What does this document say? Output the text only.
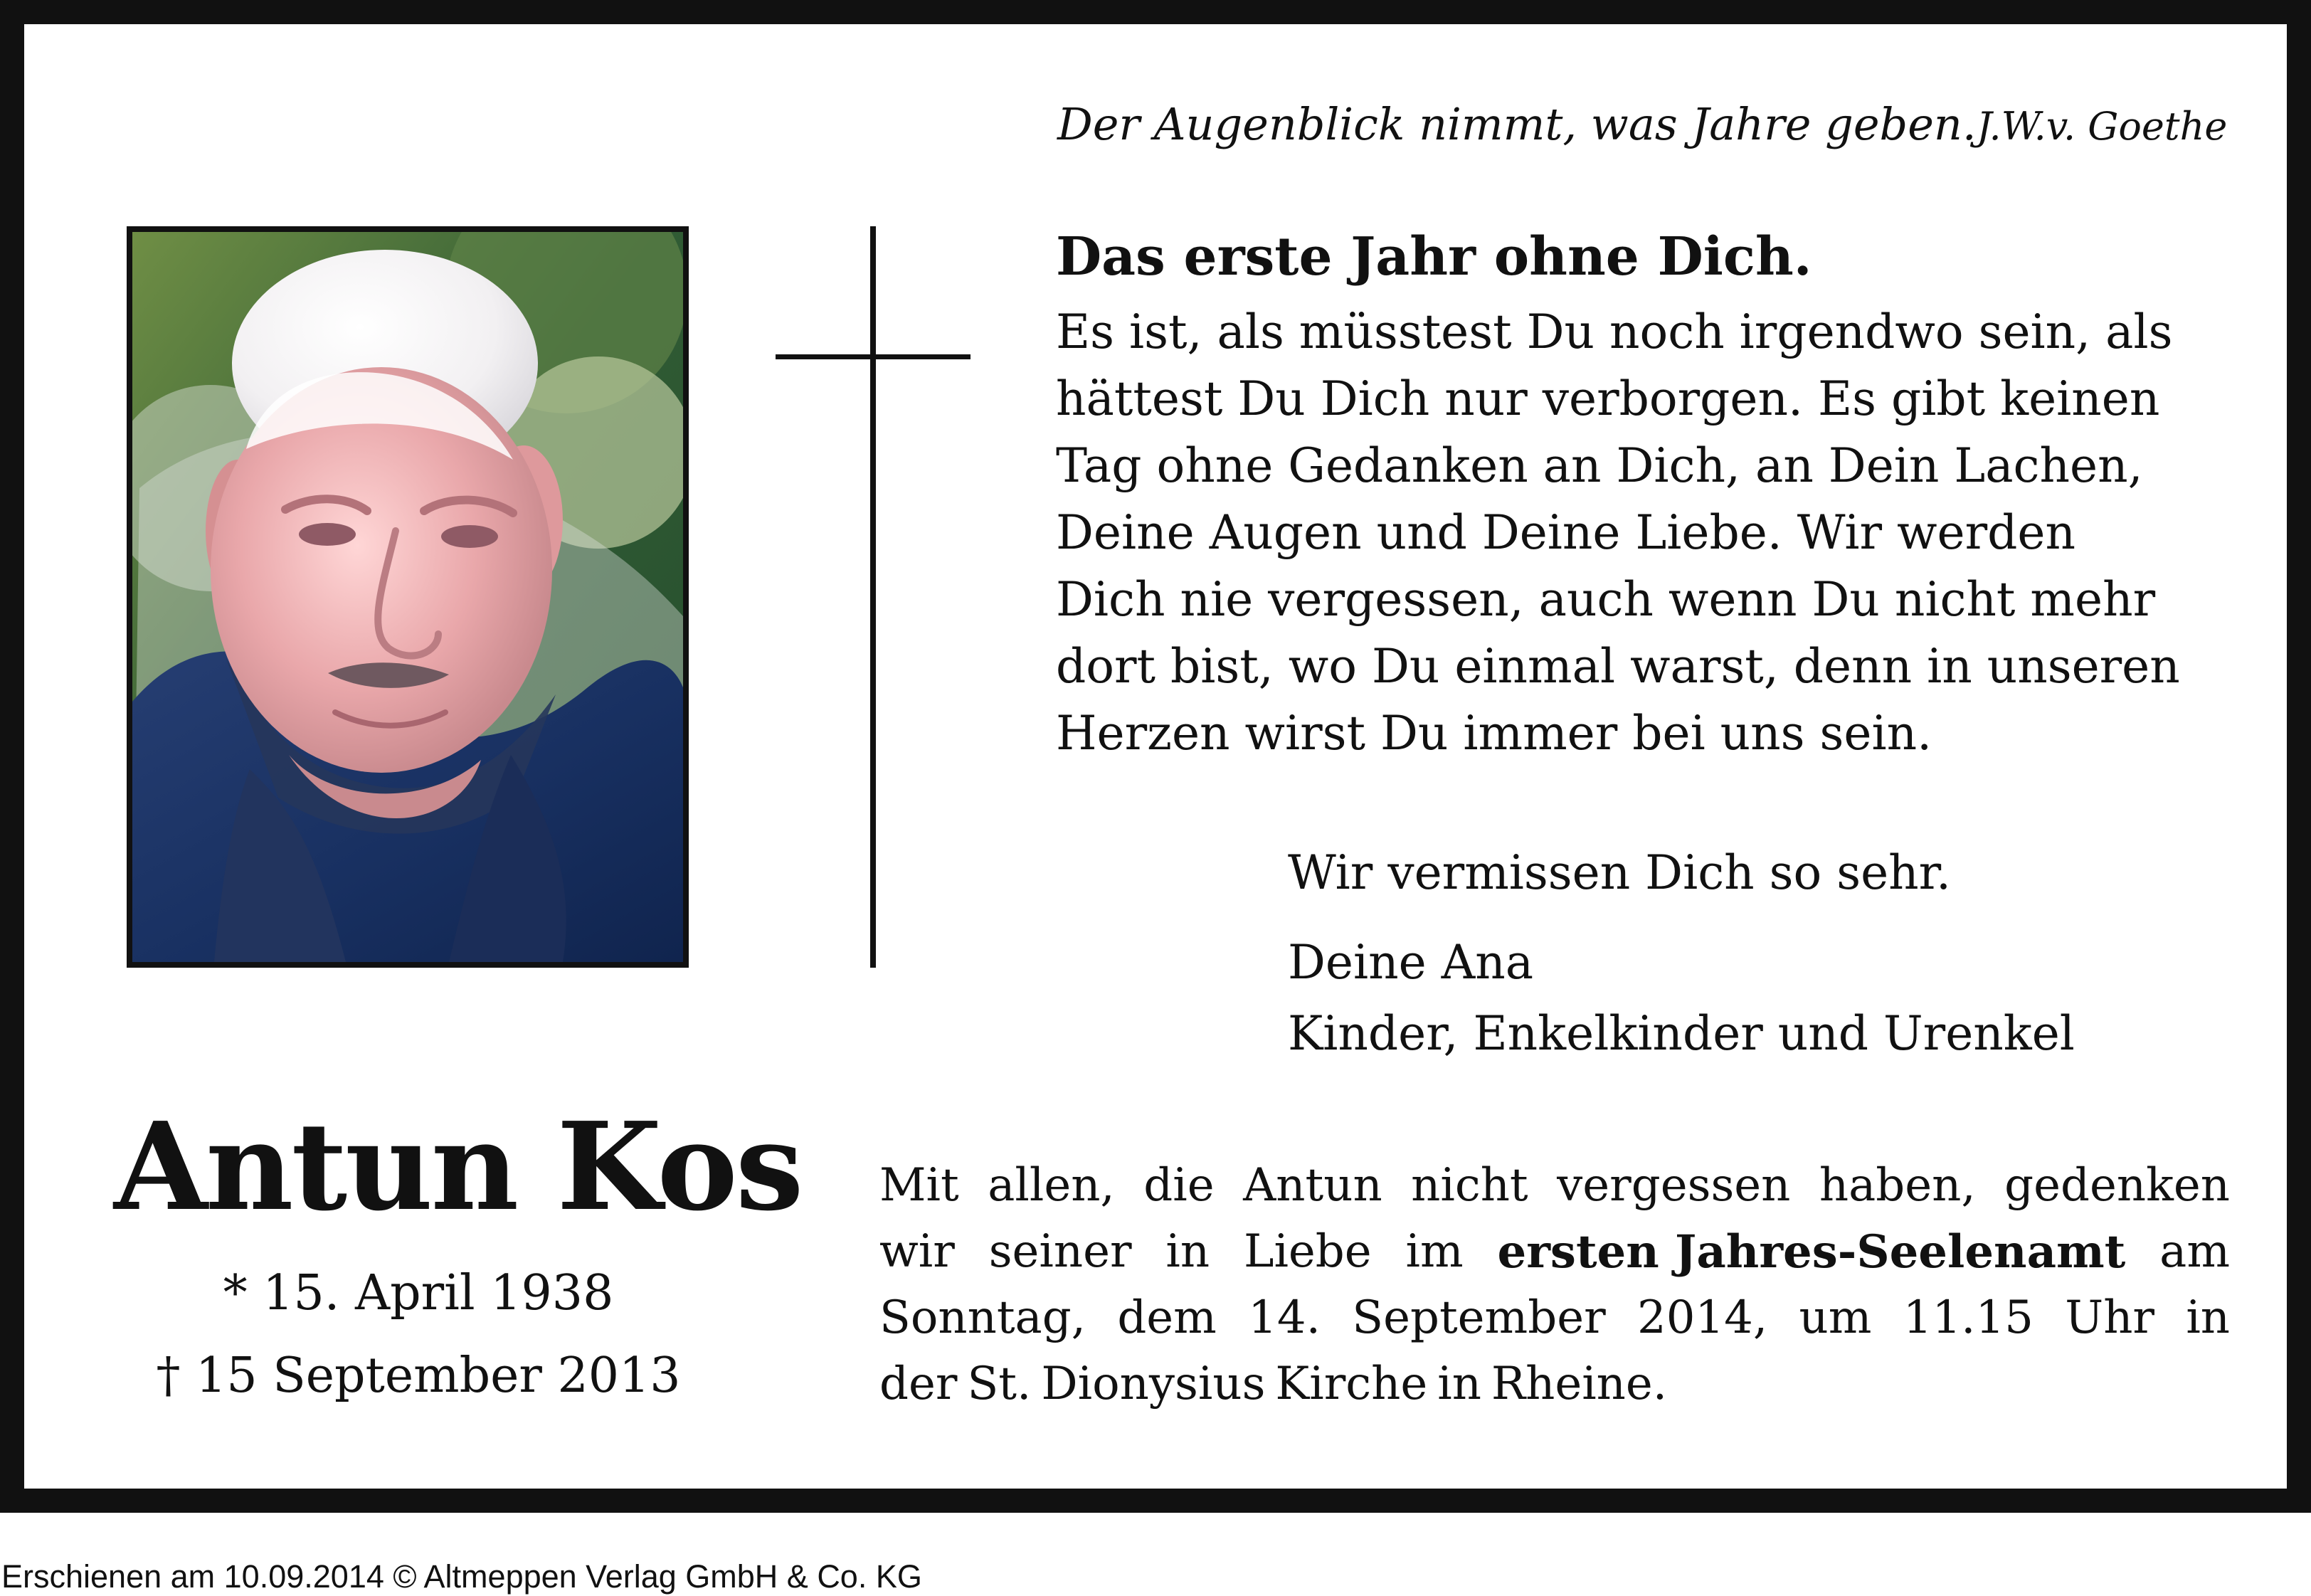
Der Augenblick nimmt, was Jahre geben. J.W.v. Goethe
Das erste Jahr ohne Dich.
Es ist, als müsstest Du noch irgendwo sein, als
hättest Du Dich nur verborgen. Es gibt keinen
Tag ohne Gedanken an Dich, an Dein Lachen,
Deine Augen und Deine Liebe. Wir werden
Dich nie vergessen, auch wenn Du nicht mehr
dort bist, wo Du einmal warst, denn in unseren
Herzen wirst Du immer bei uns sein.
Wir vermissen Dich so sehr.
Deine Ana
Kinder, Enkelkinder und Urenkel
Antun Kos
* 15. April 1938
† 15 September 2013
Mit allen, die Antun nicht vergessen haben, gedenken
wir seiner in Liebe im ersten Jahres-Seelenamt am
Sonntag, dem 14. September 2014, um 11.15 Uhr in
der St. Dionysius Kirche in Rheine.
Erschienen am 10.09.2014 © Altmeppen Verlag GmbH & Co. KG
